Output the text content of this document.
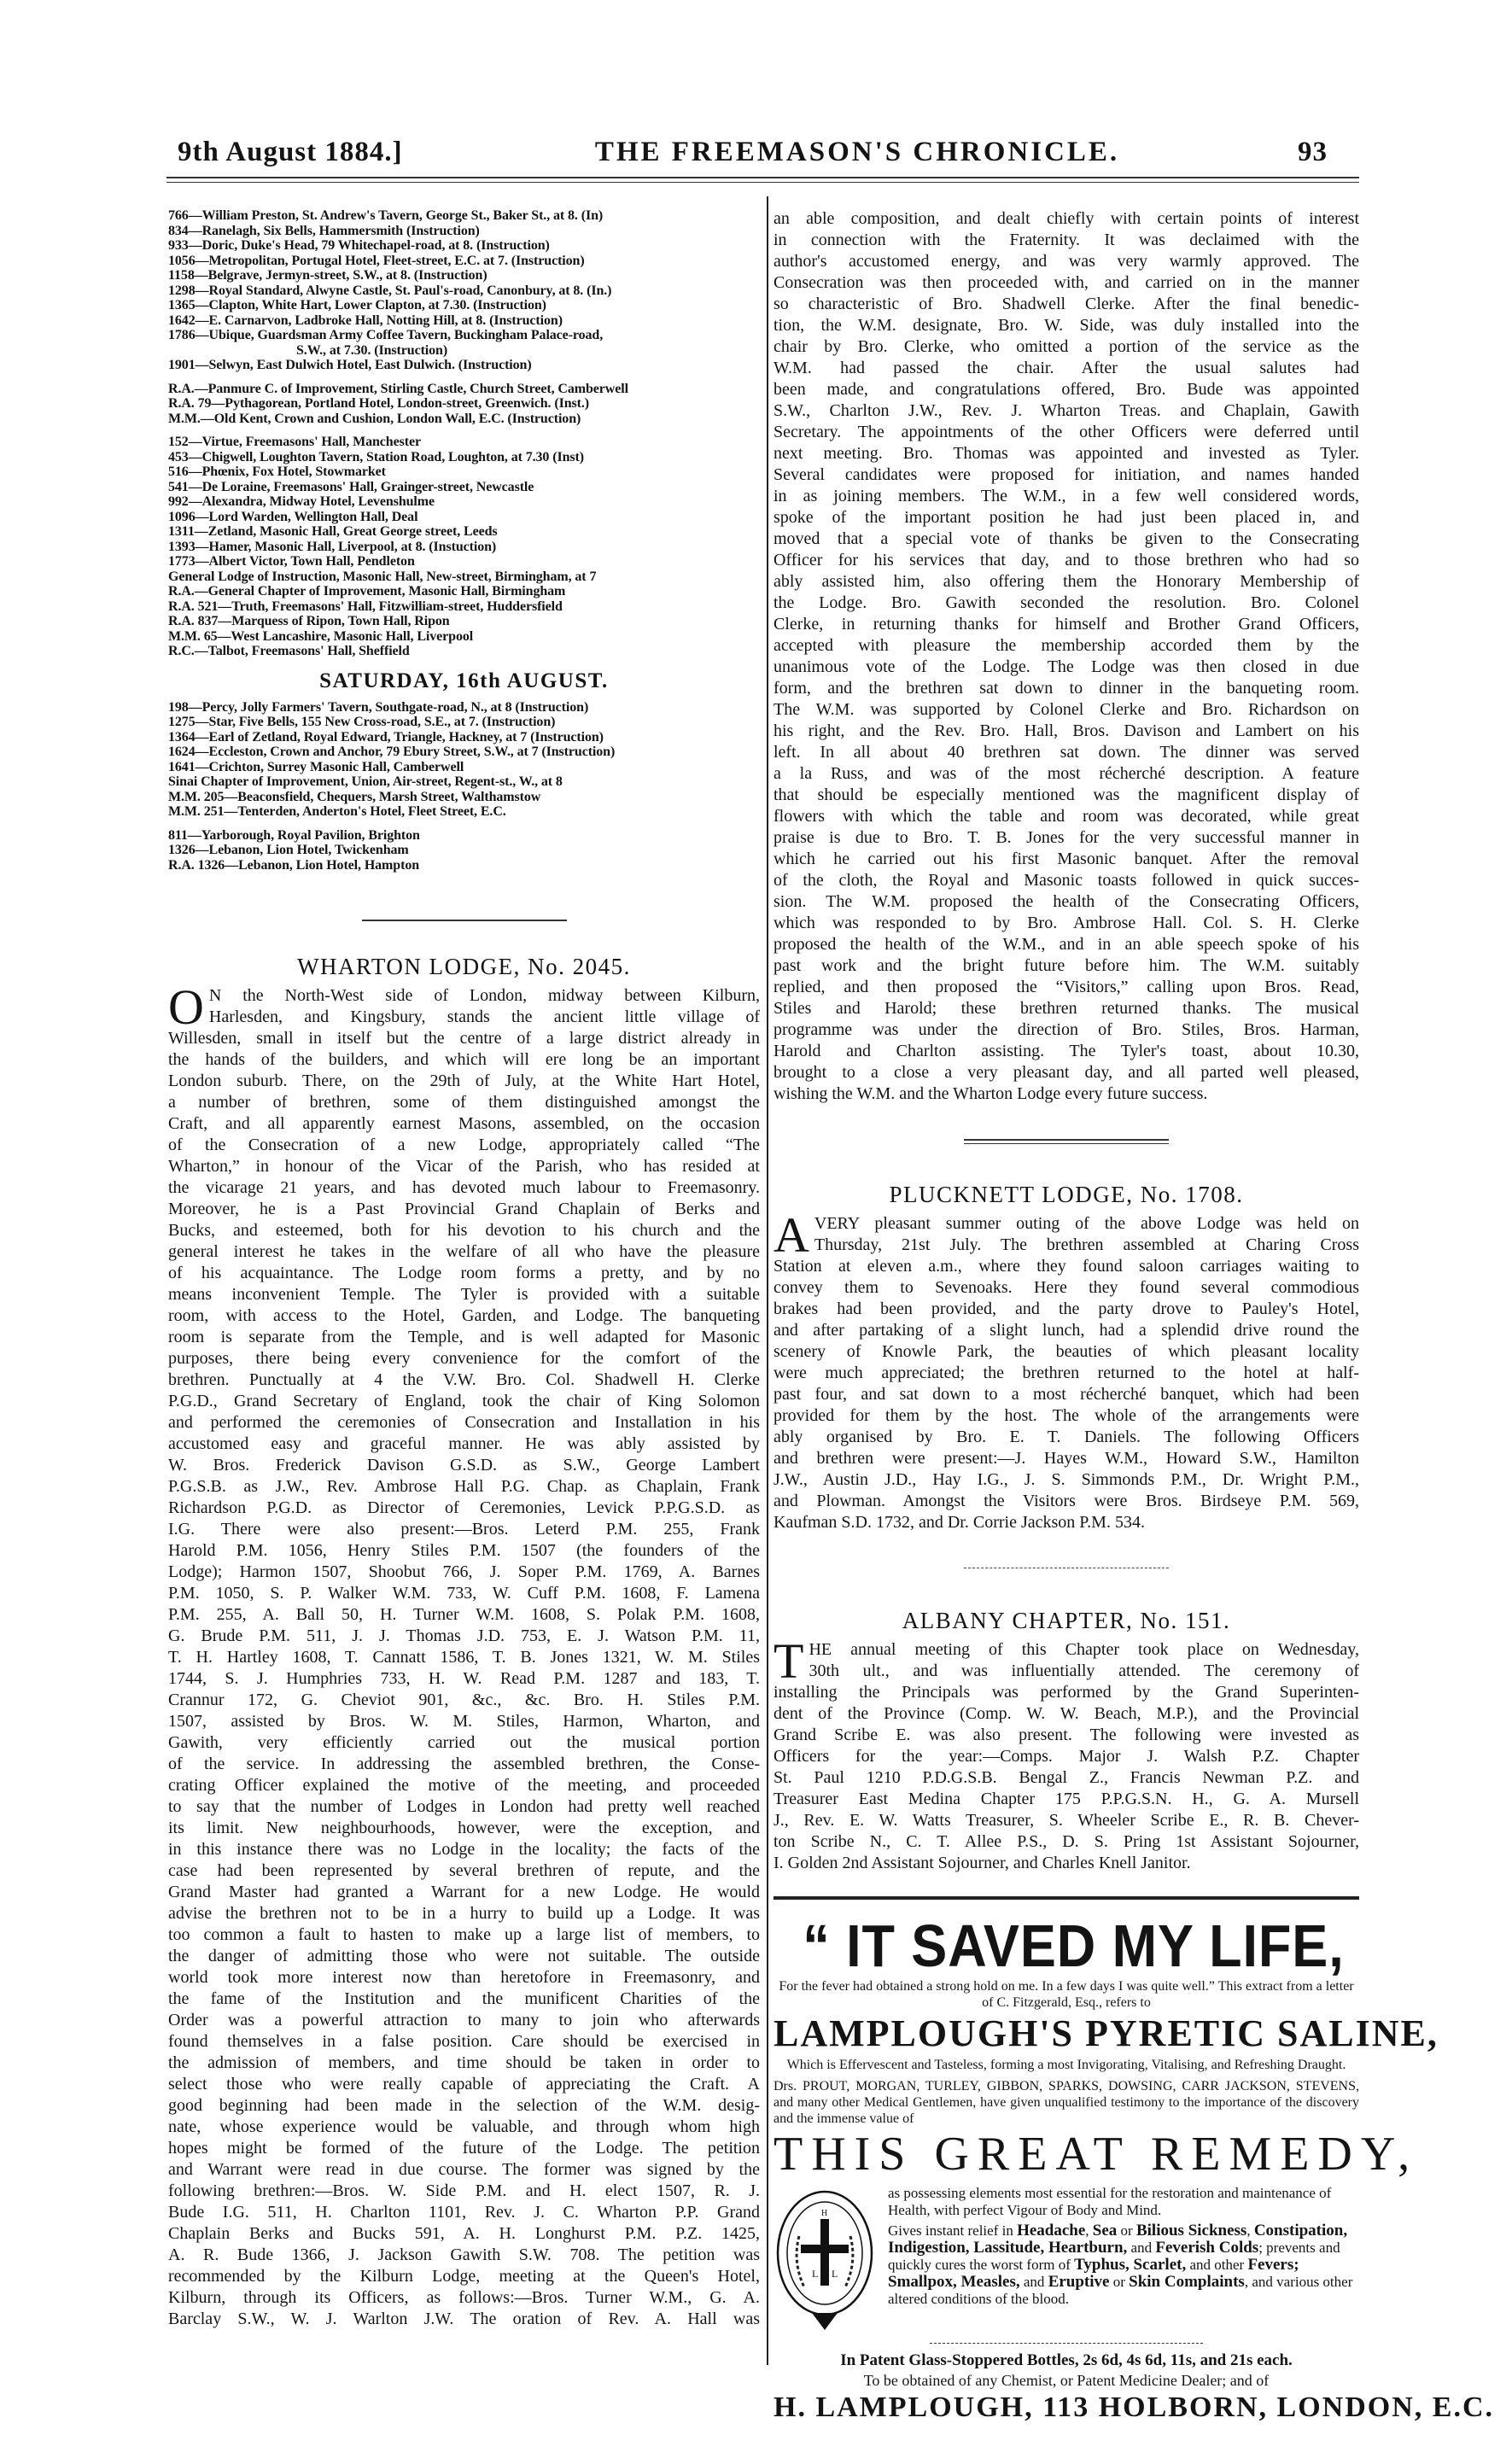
9th August 1884.]	THE FREEMASON'S CHRONICLE.	93
766—William Preston, St. Andrew's Tavern, George St., Baker St., at 8. (In)
834—Ranelagh, Six Bells, Hammersmith (Instruction)
933—Doric, Duke's Head, 79 Whitechapel-road, at 8. (Instruction)
1056—Metropolitan, Portugal Hotel, Fleet-street, E.C. at 7. (Instruction)
1158—Belgrave, Jermyn-street, S.W., at 8. (Instruction)
1298—Royal Standard, Alwyne Castle, St. Paul's-road, Canonbury, at 8. (In.)
1365—Clapton, White Hart, Lower Clapton, at 7.30. (Instruction)
1642—E. Carnarvon, Ladbroke Hall, Notting Hill, at 8. (Instruction)
1786—Ubique, Guardsman Army Coffee Tavern, Buckingham Palace-road,
S.W., at 7.30. (Instruction)
1901—Selwyn, East Dulwich Hotel, East Dulwich. (Instruction)
R.A.—Panmure C. of Improvement, Stirling Castle, Church Street, Camberwell
R.A. 79—Pythagorean, Portland Hotel, London-street, Greenwich. (Inst.)
M.M.—Old Kent, Crown and Cushion, London Wall, E.C. (Instruction)
152—Virtue, Freemasons' Hall, Manchester
453—Chigwell, Loughton Tavern, Station Road, Loughton, at 7.30 (Inst)
516—Phœnix, Fox Hotel, Stowmarket
541—De Loraine, Freemasons' Hall, Grainger-street, Newcastle
992—Alexandra, Midway Hotel, Levenshulme
1096—Lord Warden, Wellington Hall, Deal
1311—Zetland, Masonic Hall, Great George street, Leeds
1393—Hamer, Masonic Hall, Liverpool, at 8. (Instuction)
1773—Albert Victor, Town Hall, Pendleton
General Lodge of Instruction, Masonic Hall, New-street, Birmingham, at 7
R.A.—General Chapter of Improvement, Masonic Hall, Birmingham
R.A. 521—Truth, Freemasons' Hall, Fitzwilliam-street, Huddersfield
R.A. 837—Marquess of Ripon, Town Hall, Ripon
M.M. 65—West Lancashire, Masonic Hall, Liverpool
R.C.—Talbot, Freemasons' Hall, Sheffield
SATURDAY, 16th AUGUST.
198—Percy, Jolly Farmers' Tavern, Southgate-road, N., at 8 (Instruction)
1275—Star, Five Bells, 155 New Cross-road, S.E., at 7. (Instruction)
1364—Earl of Zetland, Royal Edward, Triangle, Hackney, at 7 (Instruction)
1624—Eccleston, Crown and Anchor, 79 Ebury Street, S.W., at 7 (Instruction)
1641—Crichton, Surrey Masonic Hall, Camberwell
Sinai Chapter of Improvement, Union, Air-street, Regent-st., W., at 8
M.M. 205—Beaconsfield, Chequers, Marsh Street, Walthamstow
M.M. 251—Tenterden, Anderton's Hotel, Fleet Street, E.C.
811—Yarborough, Royal Pavilion, Brighton
1326—Lebanon, Lion Hotel, Twickenham
R.A. 1326—Lebanon, Lion Hotel, Hampton
WHARTON LODGE, No. 2045.
O N the North-West side of London, midway between Kilburn,
Harlesden, and Kingsbury, stands the ancient little village of
Willesden, small in itself but the centre of a large district already in
the hands of the builders, and which will ere long be an important
London suburb. There, on the 29th of July, at the White Hart Hotel,
a number of brethren, some of them distinguished amongst the
Craft, and all apparently earnest Masons, assembled, on the occasion
of the Consecration of a new Lodge, appropriately called “The
Wharton,” in honour of the Vicar of the Parish, who has resided at
the vicarage 21 years, and has devoted much labour to Freemasonry.
Moreover, he is a Past Provincial Grand Chaplain of Berks and
Bucks, and esteemed, both for his devotion to his church and the
general interest he takes in the welfare of all who have the pleasure
of his acquaintance. The Lodge room forms a pretty, and by no
means inconvenient Temple. The Tyler is provided with a suitable
room, with access to the Hotel, Garden, and Lodge. The banqueting
room is separate from the Temple, and is well adapted for Masonic
purposes, there being every convenience for the comfort of the
brethren. Punctually at 4 the V.W. Bro. Col. Shadwell H. Clerke
P.G.D., Grand Secretary of England, took the chair of King Solomon
and performed the ceremonies of Consecration and Installation in his
accustomed easy and graceful manner. He was ably assisted by
W. Bros. Frederick Davison G.S.D. as S.W., George Lambert
P.G.S.B. as J.W., Rev. Ambrose Hall P.G. Chap. as Chaplain, Frank
Richardson P.G.D. as Director of Ceremonies, Levick P.P.G.S.D. as
I.G. There were also present:—Bros. Leterd P.M. 255, Frank
Harold P.M. 1056, Henry Stiles P.M. 1507 (the founders of the
Lodge); Harmon 1507, Shoobut 766, J. Soper P.M. 1769, A. Barnes
P.M. 1050, S. P. Walker W.M. 733, W. Cuff P.M. 1608, F. Lamena
P.M. 255, A. Ball 50, H. Turner W.M. 1608, S. Polak P.M. 1608,
G. Brude P.M. 511, J. J. Thomas J.D. 753, E. J. Watson P.M. 11,
T. H. Hartley 1608, T. Cannatt 1586, T. B. Jones 1321, W. M. Stiles
1744, S. J. Humphries 733, H. W. Read P.M. 1287 and 183, T.
Crannur 172, G. Cheviot 901, &c., &c. Bro. H. Stiles P.M.
1507, assisted by Bros. W. M. Stiles, Harmon, Wharton, and
Gawith, very efficiently carried out the musical portion
of the service. In addressing the assembled brethren, the Conse-
crating Officer explained the motive of the meeting, and proceeded
to say that the number of Lodges in London had pretty well reached
its limit. New neighbourhoods, however, were the exception, and
in this instance there was no Lodge in the locality; the facts of the
case had been represented by several brethren of repute, and the
Grand Master had granted a Warrant for a new Lodge. He would
advise the brethren not to be in a hurry to build up a Lodge. It was
too common a fault to hasten to make up a large list of members, to
the danger of admitting those who were not suitable. The outside
world took more interest now than heretofore in Freemasonry, and
the fame of the Institution and the munificent Charities of the
Order was a powerful attraction to many to join who afterwards
found themselves in a false position. Care should be exercised in
the admission of members, and time should be taken in order to
select those who were really capable of appreciating the Craft. A
good beginning had been made in the selection of the W.M. desig-
nate, whose experience would be valuable, and through whom high
hopes might be formed of the future of the Lodge. The petition
and Warrant were read in due course. The former was signed by the
following brethren:—Bros. W. Side P.M. and H. elect 1507, R. J.
Bude I.G. 511, H. Charlton 1101, Rev. J. C. Wharton P.P. Grand
Chaplain Berks and Bucks 591, A. H. Longhurst P.M. P.Z. 1425,
A. R. Bude 1366, J. Jackson Gawith S.W. 708. The petition was
recommended by the Kilburn Lodge, meeting at the Queen's Hotel,
Kilburn, through its Officers, as follows:—Bros. Turner W.M., G. A.
Barclay S.W., W. J. Warlton J.W. The oration of Rev. A. Hall was
an able composition, and dealt chiefly with certain points of interest
in connection with the Fraternity. It was declaimed with the
author's accustomed energy, and was very warmly approved. The
Consecration was then proceeded with, and carried on in the manner
so characteristic of Bro. Shadwell Clerke. After the final benedic-
tion, the W.M. designate, Bro. W. Side, was duly installed into the
chair by Bro. Clerke, who omitted a portion of the service as the
W.M. had passed the chair. After the usual salutes had
been made, and congratulations offered, Bro. Bude was appointed
S.W., Charlton J.W., Rev. J. Wharton Treas. and Chaplain, Gawith
Secretary. The appointments of the other Officers were deferred until
next meeting. Bro. Thomas was appointed and invested as Tyler.
Several candidates were proposed for initiation, and names handed
in as joining members. The W.M., in a few well considered words,
spoke of the important position he had just been placed in, and
moved that a special vote of thanks be given to the Consecrating
Officer for his services that day, and to those brethren who had so
ably assisted him, also offering them the Honorary Membership of
the Lodge. Bro. Gawith seconded the resolution. Bro. Colonel
Clerke, in returning thanks for himself and Brother Grand Officers,
accepted with pleasure the membership accorded them by the
unanimous vote of the Lodge. The Lodge was then closed in due
form, and the brethren sat down to dinner in the banqueting room.
The W.M. was supported by Colonel Clerke and Bro. Richardson on
his right, and the Rev. Bro. Hall, Bros. Davison and Lambert on his
left. In all about 40 brethren sat down. The dinner was served
a la Russ, and was of the most récherché description. A feature
that should be especially mentioned was the magnificent display of
flowers with which the table and room was decorated, while great
praise is due to Bro. T. B. Jones for the very successful manner in
which he carried out his first Masonic banquet. After the removal
of the cloth, the Royal and Masonic toasts followed in quick succes-
sion. The W.M. proposed the health of the Consecrating Officers,
which was responded to by Bro. Ambrose Hall. Col. S. H. Clerke
proposed the health of the W.M., and in an able speech spoke of his
past work and the bright future before him. The W.M. suitably
replied, and then proposed the “Visitors,” calling upon Bros. Read,
Stiles and Harold; these brethren returned thanks. The musical
programme was under the direction of Bro. Stiles, Bros. Harman,
Harold and Charlton assisting. The Tyler's toast, about 10.30,
brought to a close a very pleasant day, and all parted well pleased,
wishing the W.M. and the Wharton Lodge every future success.
PLUCKNETT LODGE, No. 1708.
A VERY pleasant summer outing of the above Lodge was held on
Thursday, 21st July. The brethren assembled at Charing Cross
Station at eleven a.m., where they found saloon carriages waiting to
convey them to Sevenoaks. Here they found several commodious
brakes had been provided, and the party drove to Pauley's Hotel,
and after partaking of a slight lunch, had a splendid drive round the
scenery of Knowle Park, the beauties of which pleasant locality
were much appreciated; the brethren returned to the hotel at half-
past four, and sat down to a most récherché banquet, which had been
provided for them by the host. The whole of the arrangements were
ably organised by Bro. E. T. Daniels. The following Officers
and brethren were present:—J. Hayes W.M., Howard S.W., Hamilton
J.W., Austin J.D., Hay I.G., J. S. Simmonds P.M., Dr. Wright P.M.,
and Plowman. Amongst the Visitors were Bros. Birdseye P.M. 569,
Kaufman S.D. 1732, and Dr. Corrie Jackson P.M. 534.
ALBANY CHAPTER, No. 151.
T HE annual meeting of this Chapter took place on Wednesday,
30th ult., and was influentially attended. The ceremony of
installing the Principals was performed by the Grand Superinten-
dent of the Province (Comp. W. W. Beach, M.P.), and the Provincial
Grand Scribe E. was also present. The following were invested as
Officers for the year:—Comps. Major J. Walsh P.Z. Chapter
St. Paul 1210 P.D.G.S.B. Bengal Z., Francis Newman P.Z. and
Treasurer East Medina Chapter 175 P.P.G.S.N. H., G. A. Mursell
J., Rev. E. W. Watts Treasurer, S. Wheeler Scribe E., R. B. Chever-
ton Scribe N., C. T. Allee P.S., D. S. Pring 1st Assistant Sojourner,
I. Golden 2nd Assistant Sojourner, and Charles Knell Janitor.
“ IT SAVED MY LIFE,
For the fever had obtained a strong hold on me. In a few days I was quite well.” This extract from a letter of C. Fitzgerald, Esq., refers to
LAMPLOUGH'S PYRETIC SALINE,
Which is Effervescent and Tasteless, forming a most Invigorating, Vitalising, and Refreshing Draught.
Drs. PROUT, MORGAN, TURLEY, GIBBON, SPARKS, DOWSING, CARR JACKSON, STEVENS, and many other Medical Gentlemen, have given unqualified testimony to the importance of the discovery and the immense value of
THIS GREAT REMEDY,
L L
H
as possessing elements most essential for the restoration and maintenance of Health, with perfect Vigour of Body and Mind.
Gives instant relief in Headache, Sea or Bilious Sickness, Constipation, Indigestion, Lassitude, Heartburn, and Feverish Colds; prevents and quickly cures the worst form of Typhus, Scarlet, and other Fevers; Smallpox, Measles, and Eruptive or Skin Complaints, and various other altered conditions of the blood.
In Patent Glass-Stoppered Bottles, 2s 6d, 4s 6d, 11s, and 21s each.
To be obtained of any Chemist, or Patent Medicine Dealer; and of
H. LAMPLOUGH, 113 HOLBORN, LONDON, E.C.
